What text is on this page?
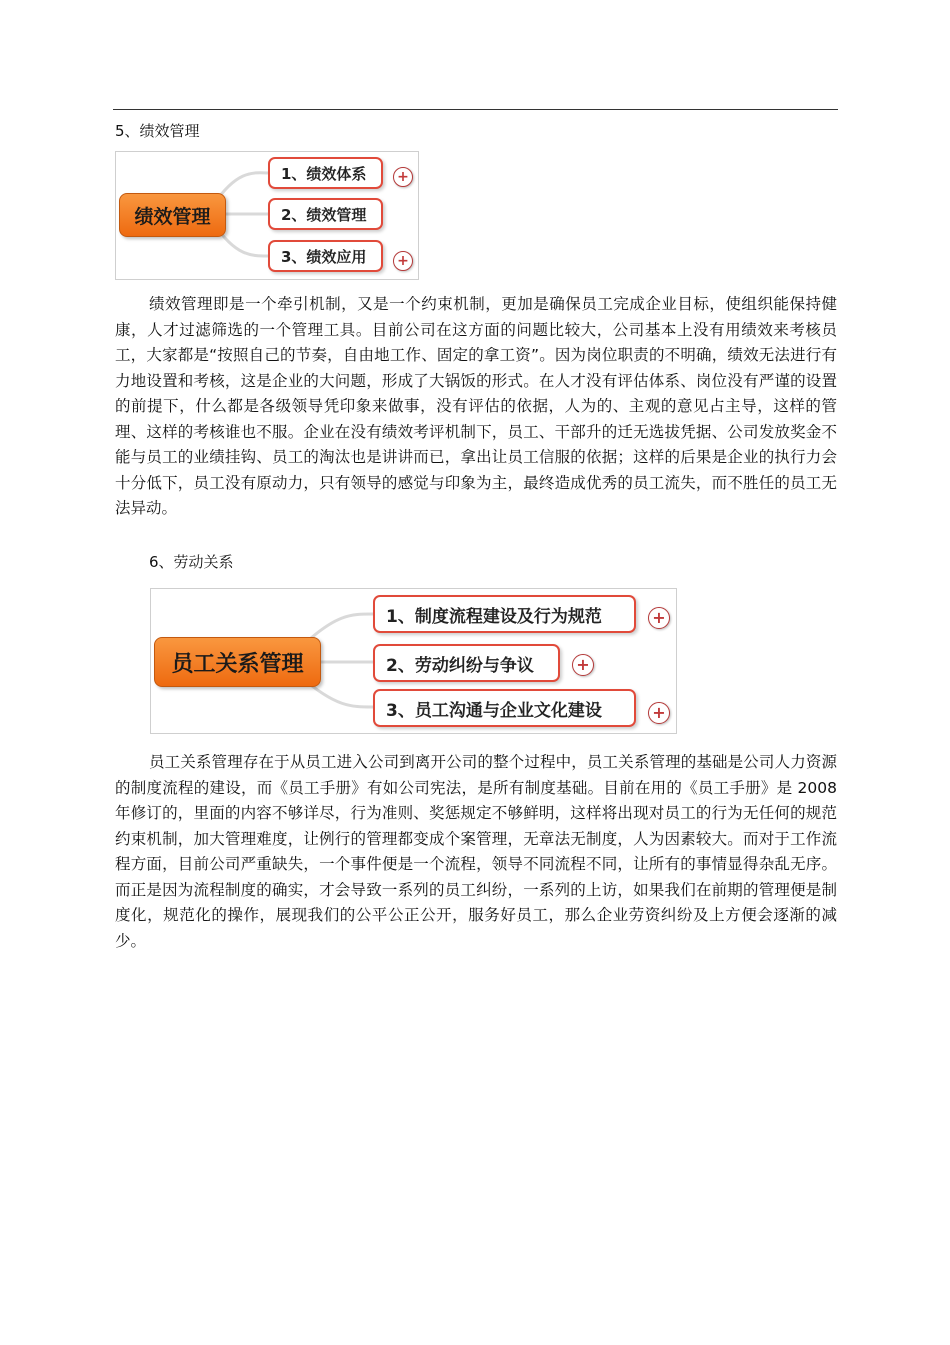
5、绩效管理
绩效管理
1、绩效体系
2、绩效管理
3、绩效应用
+
+

绩效管理即是一个牵引机制，又是一个约束机制，更加是确保员工完成企业目标，使组织能保持健康，人才过滤筛选的一个管理工具。目前公司在这方面的问题比较大，公司基本上没有用绩效来考核员工，大家都是“按照自己的节奏，自由地工作、固定的拿工资”。因为岗位职责的不明确，绩效无法进行有力地设置和考核，这是企业的大问题，形成了大锅饭的形式。在人才没有评估体系、岗位没有严谨的设置的前提下，什么都是各级领导凭印象来做事，没有评估的依据，人为的、主观的意见占主导，这样的管理、这样的考核谁也不服。企业在没有绩效考评机制下，员工、干部升的迁无选拔凭据、公司发放奖金不能与员工的业绩挂钩、员工的淘汰也是讲讲而已，拿出让员工信服的依据；这样的后果是企业的执行力会十分低下，员工没有原动力，只有领导的感觉与印象为主，最终造成优秀的员工流失，而不胜任的员工无法异动。

6、劳动关系
员工关系管理
1、制度流程建设及行为规范
2、劳动纠纷与争议
3、员工沟通与企业文化建设
+
+
+

员工关系管理存在于从员工进入公司到离开公司的整个过程中，员工关系管理的基础是公司人力资源的制度流程的建设，而《员工手册》有如公司宪法，是所有制度基础。目前在用的《员工手册》是 2008 年修订的，里面的内容不够详尽，行为准则、奖惩规定不够鲜明，这样将出现对员工的行为无任何的规范约束机制，加大管理难度，让例行的管理都变成个案管理，无章法无制度，人为因素较大。而对于工作流程方面，目前公司严重缺失，一个事件便是一个流程，领导不同流程不同，让所有的事情显得杂乱无序。而正是因为流程制度的确实，才会导致一系列的员工纠纷，一系列的上访，如果我们在前期的管理便是制度化，规范化的操作，展现我们的公平公正公开，服务好员工，那么企业劳资纠纷及上方便会逐渐的减少。
